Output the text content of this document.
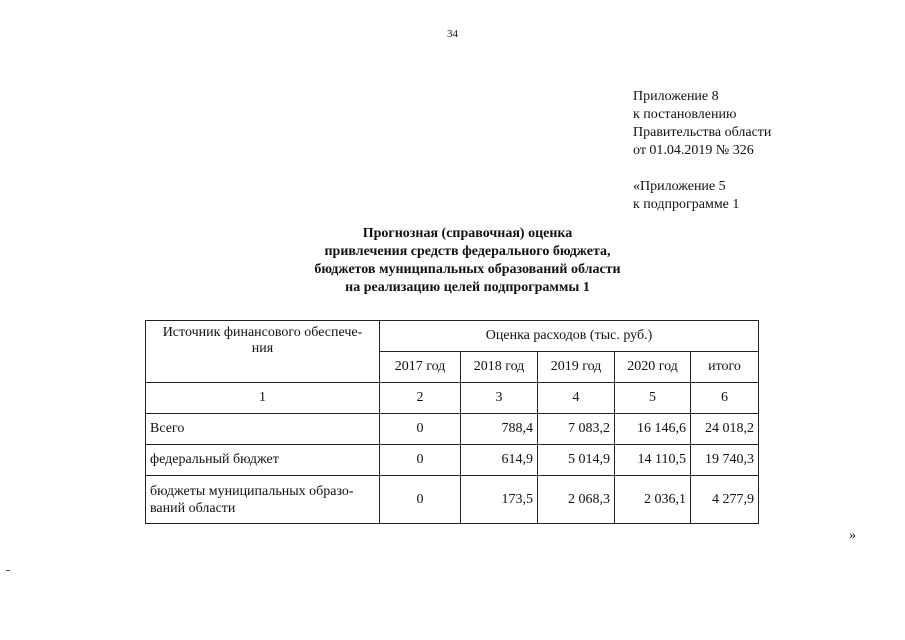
34
Приложение 8
к постановлению
Правительства области
от 01.04.2019 № 326
«Приложение 5
к подпрограмме 1
Прогнозная (справочная) оценка
привлечения средств федерального бюджета,
бюджетов муниципальных образований области
на реализацию целей подпрограммы 1
Источник финансового обеспече-
ния	Оценка расходов (тыс. руб.)				
	2017 год	2018 год	2019 год	2020 год	итого
1	2	3	4	5	6
Всего	0	788,4	7 083,2	16 146,6	24 018,2
федеральный бюджет	0	614,9	5 014,9	14 110,5	19 740,3

бюджеты муниципальных образо-
ваний области	0	173,5	2 068,3	2 036,1	4 277,9
»
